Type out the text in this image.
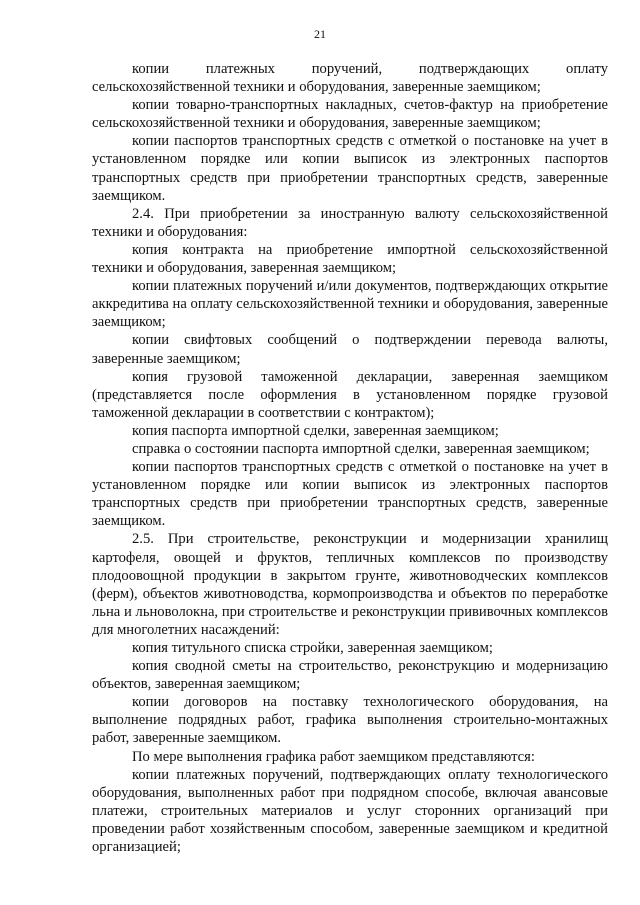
21

копии платежных поручений, подтверждающих оплату сельскохозяйственной техники и оборудования, заверенные заемщиком;

копии товарно-транспортных накладных, счетов-фактур на приобретение сельскохозяйственной техники и оборудования, заверенные заемщиком;

копии паспортов транспортных средств с отметкой о постановке на учет в установленном порядке или копии выписок из электронных паспортов транспортных средств при приобретении транспортных средств, заверенные заемщиком.

2.4. При приобретении за иностранную валюту сельскохозяйственной техники и оборудования:

копия контракта на приобретение импортной сельскохозяйственной техники и оборудования, заверенная заемщиком;

копии платежных поручений и/или документов, подтверждающих открытие аккредитива на оплату сельскохозяйственной техники и оборудования, заверенные заемщиком;

копии свифтовых сообщений о подтверждении перевода валюты, заверенные заемщиком;

копия грузовой таможенной декларации, заверенная заемщиком (представляется после оформления в установленном порядке грузовой таможенной декларации в соответствии с контрактом);

копия паспорта импортной сделки, заверенная заемщиком;

справка о состоянии паспорта импортной сделки, заверенная заемщиком;

копии паспортов транспортных средств с отметкой о постановке на учет в установленном порядке или копии выписок из электронных паспортов транспортных средств при приобретении транспортных средств, заверенные заемщиком.

2.5. При строительстве, реконструкции и модернизации хранилищ картофеля, овощей и фруктов, тепличных комплексов по производству плодоовощной продукции в закрытом грунте, животноводческих комплексов (ферм), объектов животноводства, кормопроизводства и объектов по переработке льна и льноволокна, при строительстве и реконструкции прививочных комплексов для многолетних насаждений:

копия титульного списка стройки, заверенная заемщиком;

копия сводной сметы на строительство, реконструкцию и модернизацию объектов, заверенная заемщиком;

копии договоров на поставку технологического оборудования, на выполнение подрядных работ, графика выполнения строительно-монтажных работ, заверенные заемщиком.

По мере выполнения графика работ заемщиком представляются:

копии платежных поручений, подтверждающих оплату технологического оборудования, выполненных работ при подрядном способе, включая авансовые платежи, строительных материалов и услуг сторонних организаций при проведении работ хозяйственным способом, заверенные заемщиком и кредитной организацией;
